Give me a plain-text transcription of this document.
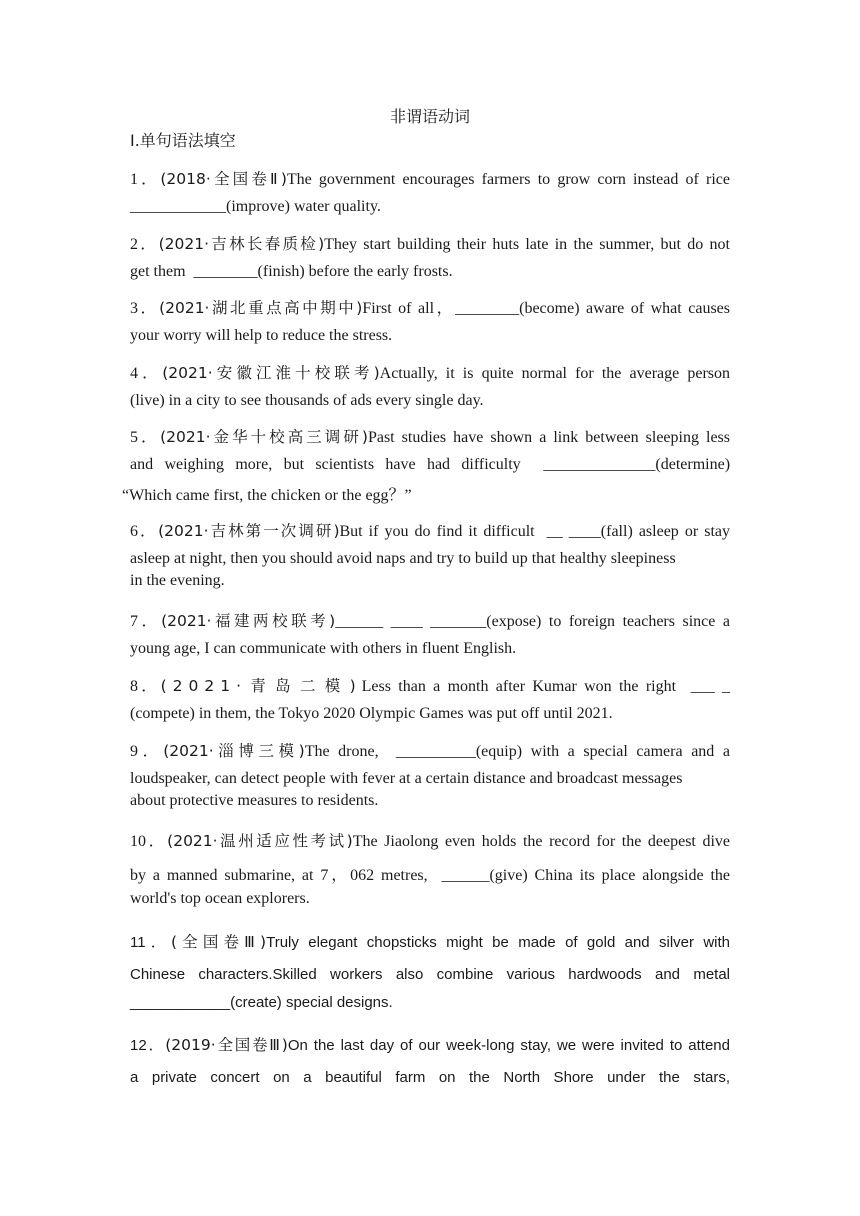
非谓语动词
Ⅰ.单句语法填空
1．(2018·全国卷Ⅱ)The government encourages farmers to grow corn instead of rice
____________(improve) water quality.
2．(2021·吉林长春质检)They start building their huts late in the summer, but do not
get them  ________(finish) before the early frosts.
3．(2021·湖北重点高中期中)First of all，________(become) aware of what causes
your worry will help to reduce the stress.
4．(2021·安徽江淮十校联考)Actually, it is quite normal for the average person
(live) in a city to see thousands of ads every single day.
5．(2021·金华十校高三调研)Past studies have shown a link between sleeping less
and weighing more, but scientists have had difficulty  ______________(determine)
“Which came first, the chicken or the egg？”
6．(2021·吉林第一次调研)But if you do find it difficult  __ ____(fall) asleep or stay
asleep at night, then you should avoid naps and try to build up that healthy sleepiness
in the evening.
7．(2021·福建两校联考)______ ____ _______(expose) to foreign teachers since a
young age, I can communicate with others in fluent English.
8．(2021·青岛二模)Less than a month after Kumar won the right  ___ _
(compete) in them, the Tokyo 2020 Olympic Games was put off until 2021.
9．(2021·淄博三模)The drone,  __________(equip) with a special camera and a
loudspeaker, can detect people with fever at a certain distance and broadcast messages
about protective measures to residents.
10．(2021·温州适应性考试)The Jiaolong even holds the record for the deepest dive
by a manned submarine, at 7，062 metres,  ______(give) China its place alongside the
world's top ocean explorers.
11．(全国卷Ⅲ)Truly elegant chopsticks might be made of gold and silver with
Chinese characters.Skilled workers also combine various hardwoods and metal
____________(create) special designs.
12．(2019·全国卷Ⅲ)On the last day of our week-long stay, we were invited to attend
a private concert on a beautiful farm on the North Shore under the stars,
